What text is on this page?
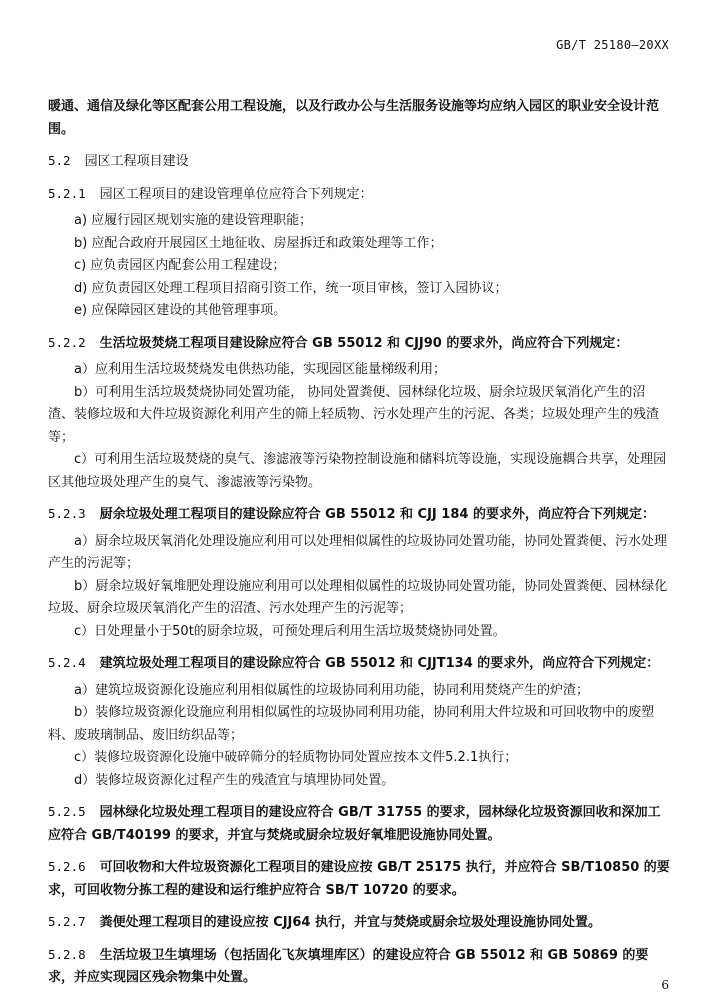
GB/T 25180—20XX

暖通、通信及绿化等区配套公用工程设施，以及行政办公与生活服务设施等均应纳入园区的职业安全设计范围。

5.2 园区工程项目建设

5.2.1 园区工程项目的建设管理单位应符合下列规定：

a) 应履行园区规划实施的建设管理职能；

b) 应配合政府开展园区土地征收、房屋拆迁和政策处理等工作；

c) 应负责园区内配套公用工程建设；

d) 应负责园区处理工程项目招商引资工作，统一项目审核，签订入园协议；

e) 应保障园区建设的其他管理事项。

5.2.2 生活垃圾焚烧工程项目建设除应符合 GB 55012 和 CJJ90 的要求外，尚应符合下列规定：

a）应利用生活垃圾焚烧发电供热功能，实现园区能量梯级利用；

b）可利用生活垃圾焚烧协同处置功能， 协同处置粪便、园林绿化垃圾、厨余垃圾厌氧消化产生的沼渣、装修垃圾和大件垃圾资源化利用产生的筛上轻质物、污水处理产生的污泥、各类；垃圾处理产生的残渣等；

c）可利用生活垃圾焚烧的臭气、渗滤液等污染物控制设施和储料坑等设施，实现设施耦合共享，处理园区其他垃圾处理产生的臭气、渗滤液等污染物。

5.2.3 厨余垃圾处理工程项目的建设除应符合 GB 55012 和 CJJ 184 的要求外，尚应符合下列规定：

a）厨余垃圾厌氧消化处理设施应利用可以处理相似属性的垃圾协同处置功能，协同处置粪便、污水处理产生的污泥等；

b）厨余垃圾好氧堆肥处理设施应利用可以处理相似属性的垃圾协同处置功能，协同处置粪便、园林绿化垃圾、厨余垃圾厌氧消化产生的沼渣、污水处理产生的污泥等；

c）日处理量小于50t的厨余垃圾，可预处理后利用生活垃圾焚烧协同处置。

5.2.4 建筑垃圾处理工程项目的建设除应符合 GB 55012 和 CJJT134 的要求外，尚应符合下列规定：

a）建筑垃圾资源化设施应利用相似属性的垃圾协同利用功能，协同利用焚烧产生的炉渣；

b）装修垃圾资源化设施应利用相似属性的垃圾协同利用功能，协同利用大件垃圾和可回收物中的废塑料、废玻璃制品、废旧纺织品等；

c）装修垃圾资源化设施中破碎筛分的轻质物协同处置应按本文件5.2.1执行；

d）装修垃圾资源化过程产生的残渣宜与填埋协同处置。

5.2.5 园林绿化垃圾处理工程项目的建设应符合 GB/T 31755 的要求，园林绿化垃圾资源回收和深加工应符合 GB/T40199 的要求，并宜与焚烧或厨余垃圾好氧堆肥设施协同处置。

5.2.6 可回收物和大件垃圾资源化工程项目的建设应按 GB/T 25175 执行，并应符合 SB/T10850 的要求，可回收物分拣工程的建设和运行维护应符合 SB/T 10720 的要求。

5.2.7 粪便处理工程项目的建设应按 CJJ64 执行，并宜与焚烧或厨余垃圾处理设施协同处置。

5.2.8 生活垃圾卫生填埋场（包括固化飞灰填埋库区）的建设应符合 GB 55012 和 GB 50869 的要求，并应实现园区残余物集中处置。	6
